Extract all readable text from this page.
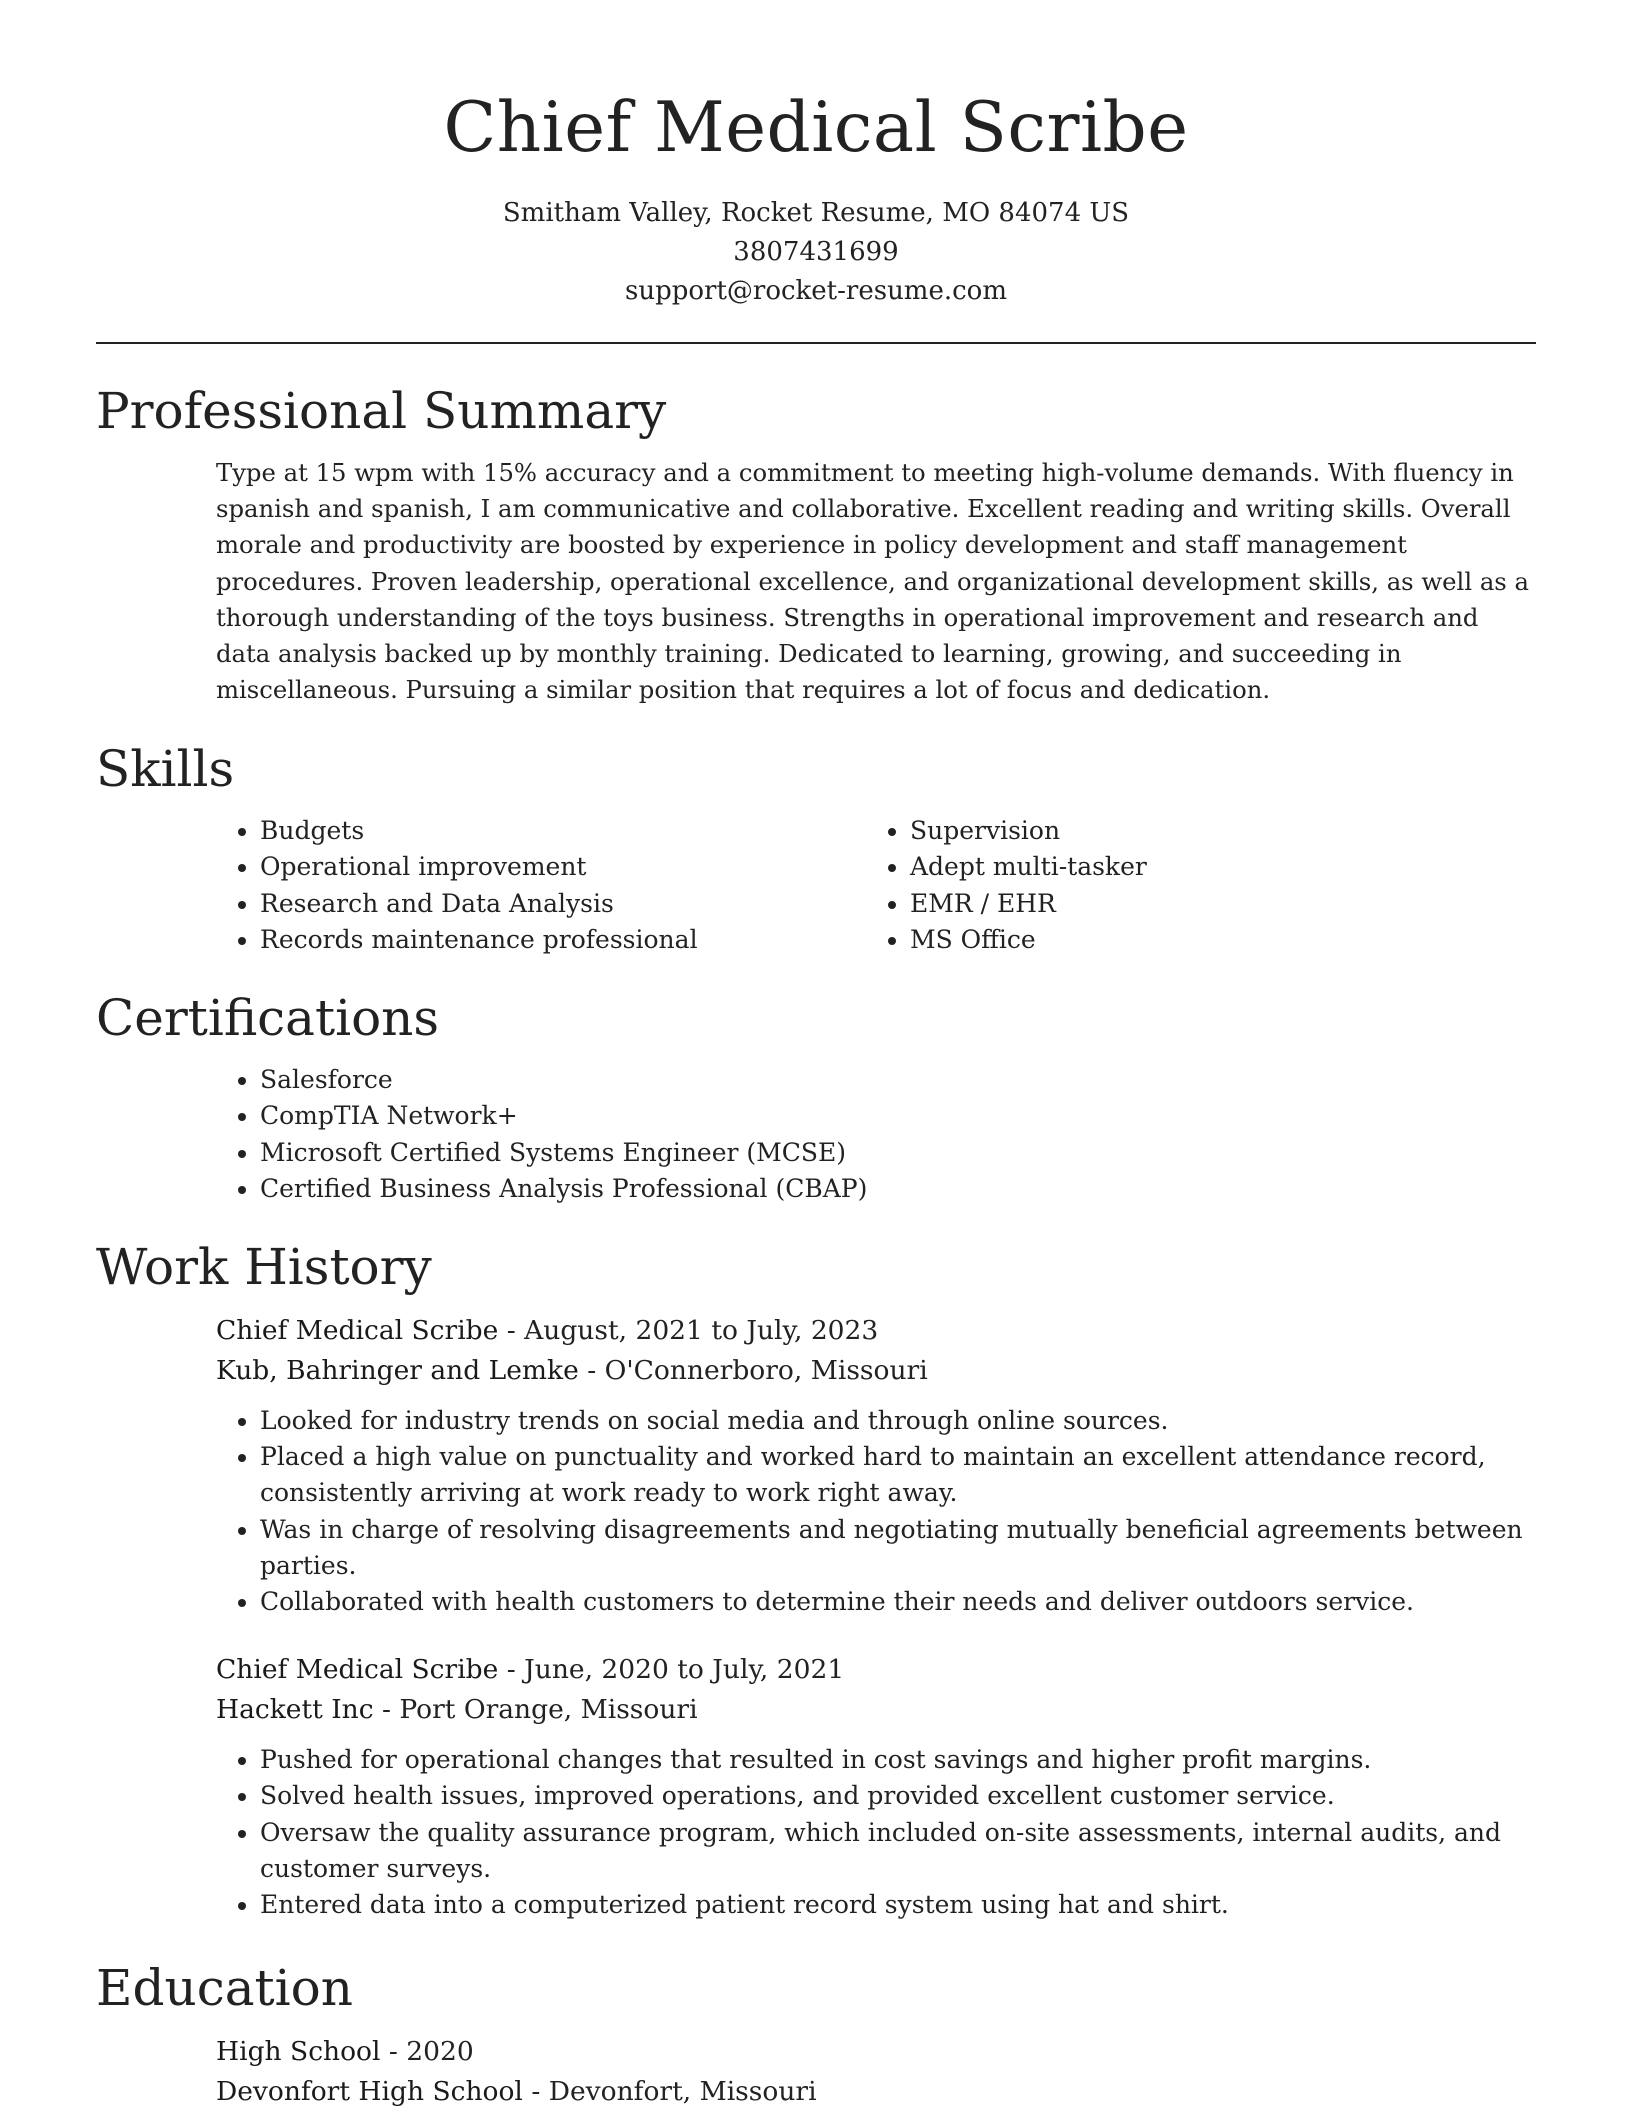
Chief Medical Scribe
Smitham Valley, Rocket Resume, MO 84074 US
3807431699
support@rocket-resume.com
Professional Summary
Type at 15 wpm with 15% accuracy and a commitment to meeting high-volume demands. With fluency in spanish and spanish, I am communicative and collaborative. Excellent reading and writing skills. Overall morale and productivity are boosted by experience in policy development and staff management procedures. Proven leadership, operational excellence, and organizational development skills, as well as a thorough understanding of the toys business. Strengths in operational improvement and research and data analysis backed up by monthly training. Dedicated to learning, growing, and succeeding in miscellaneous. Pursuing a similar position that requires a lot of focus and dedication.
Skills
• Budgets
• Operational improvement
• Research and Data Analysis
• Records maintenance professional
• Supervision
• Adept multi-tasker
• EMR / EHR
• MS Office
Certifications
• Salesforce
• CompTIA Network+
• Microsoft Certified Systems Engineer (MCSE)
• Certified Business Analysis Professional (CBAP)
Work History
Chief Medical Scribe - August, 2021 to July, 2023
Kub, Bahringer and Lemke - O'Connerboro, Missouri
• Looked for industry trends on social media and through online sources.
• Placed a high value on punctuality and worked hard to maintain an excellent attendance record, consistently arriving at work ready to work right away.
• Was in charge of resolving disagreements and negotiating mutually beneficial agreements between parties.
• Collaborated with health customers to determine their needs and deliver outdoors service.
Chief Medical Scribe - June, 2020 to July, 2021
Hackett Inc - Port Orange, Missouri
• Pushed for operational changes that resulted in cost savings and higher profit margins.
• Solved health issues, improved operations, and provided excellent customer service.
• Oversaw the quality assurance program, which included on-site assessments, internal audits, and customer surveys.
• Entered data into a computerized patient record system using hat and shirt.
Education
High School - 2020
Devonfort High School - Devonfort, Missouri
